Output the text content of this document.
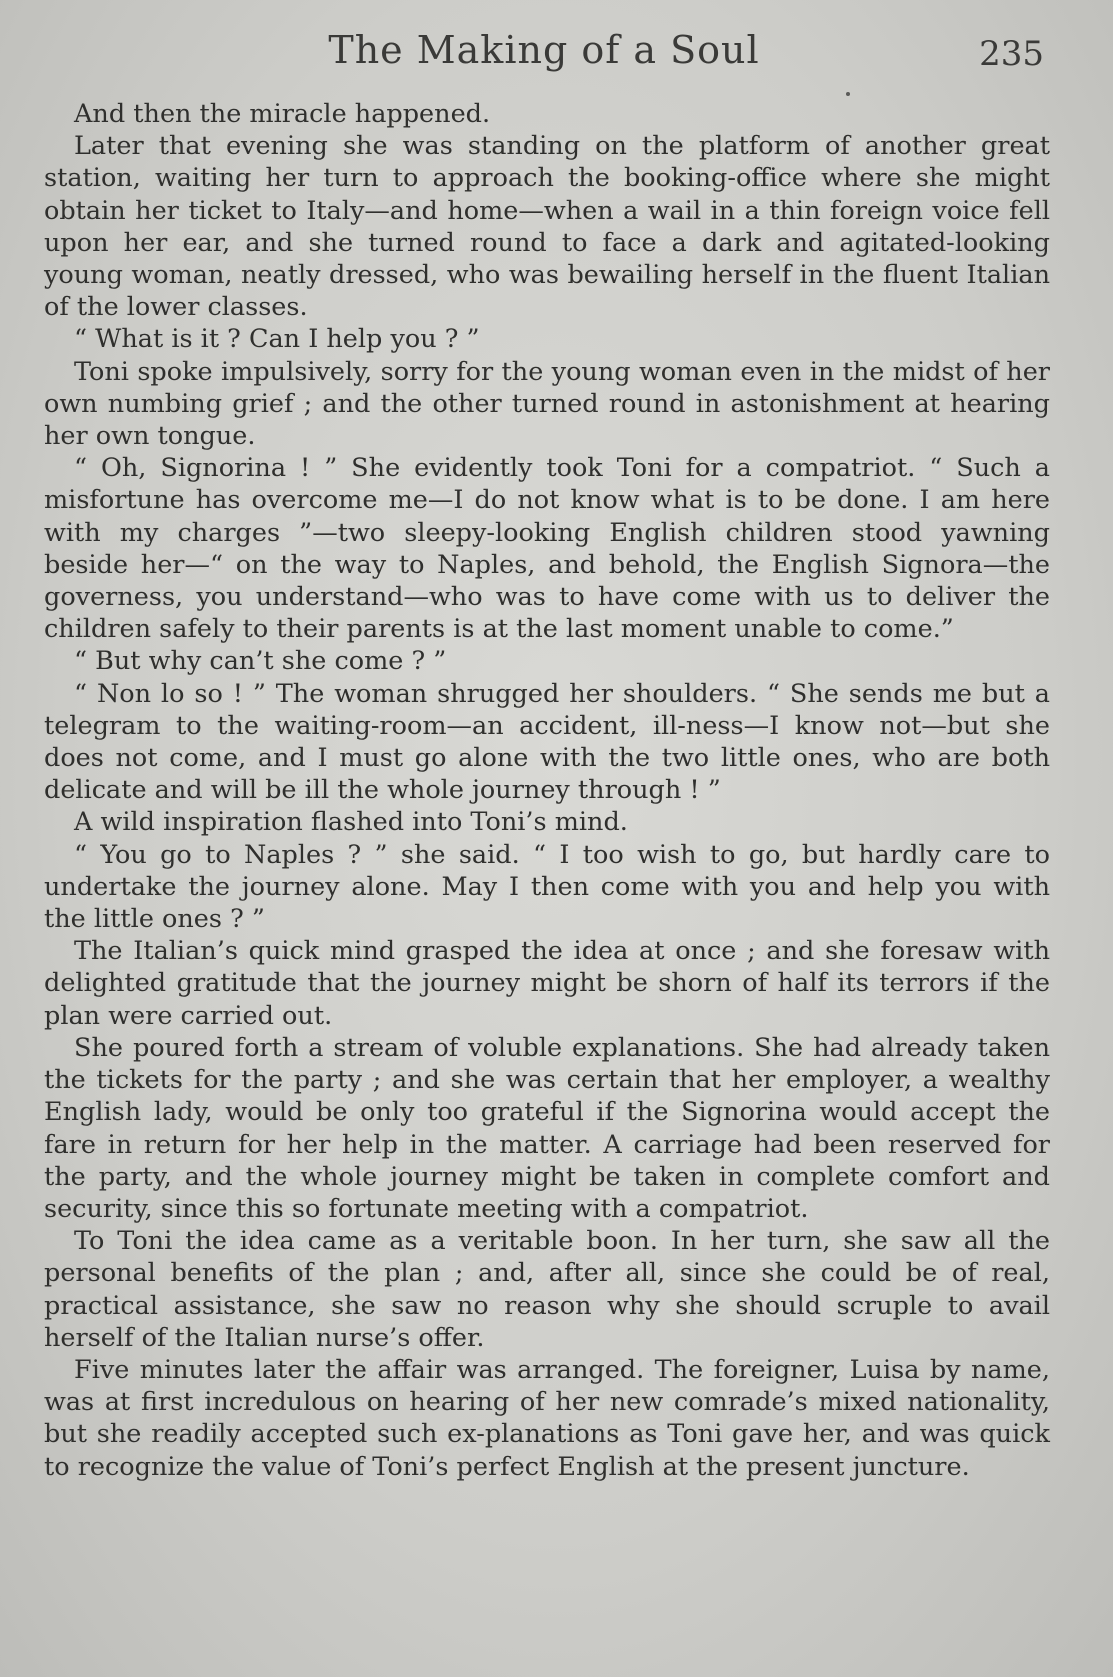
The Making of a Soul	235

And then the miracle happened.

Later that evening she was standing on the platform of another great station, waiting her turn to approach the booking-office where she might obtain her ticket to Italy—and home—when a wail in a thin foreign voice fell upon her ear, and she turned round to face a dark and agitated-looking young woman, neatly dressed, who was bewailing herself in the fluent Italian of the lower classes.

“ What is it ? Can I help you ? ”

Toni spoke impulsively, sorry for the young woman even in the midst of her own numbing grief ; and the other turned round in astonishment at hearing her own tongue.

“ Oh, Signorina ! ” She evidently took Toni for a compatriot. “ Such a misfortune has overcome me—I do not know what is to be done. I am here with my charges ”—two sleepy-looking English children stood yawning beside her—“ on the way to Naples, and behold, the English Signora—the governess, you understand—who was to have come with us to deliver the children safely to their parents is at the last moment unable to come.”

“ But why can’t she come ? ”

“ Non lo so ! ” The woman shrugged her shoulders. “ She sends me but a telegram to the waiting-room—an accident, ill-ness—I know not—but she does not come, and I must go alone with the two little ones, who are both delicate and will be ill the whole journey through ! ”

A wild inspiration flashed into Toni’s mind.

“ You go to Naples ? ” she said. “ I too wish to go, but hardly care to undertake the journey alone. May I then come with you and help you with the little ones ? ”

The Italian’s quick mind grasped the idea at once ; and she foresaw with delighted gratitude that the journey might be shorn of half its terrors if the plan were carried out.

She poured forth a stream of voluble explanations. She had already taken the tickets for the party ; and she was certain that her employer, a wealthy English lady, would be only too grateful if the Signorina would accept the fare in return for her help in the matter. A carriage had been reserved for the party, and the whole journey might be taken in complete comfort and security, since this so fortunate meeting with a compatriot.

To Toni the idea came as a veritable boon. In her turn, she saw all the personal benefits of the plan ; and, after all, since she could be of real, practical assistance, she saw no reason why she should scruple to avail herself of the Italian nurse’s offer.

Five minutes later the affair was arranged. The foreigner, Luisa by name, was at first incredulous on hearing of her new comrade’s mixed nationality, but she readily accepted such ex-planations as Toni gave her, and was quick to recognize the value of Toni’s perfect English at the present juncture.
